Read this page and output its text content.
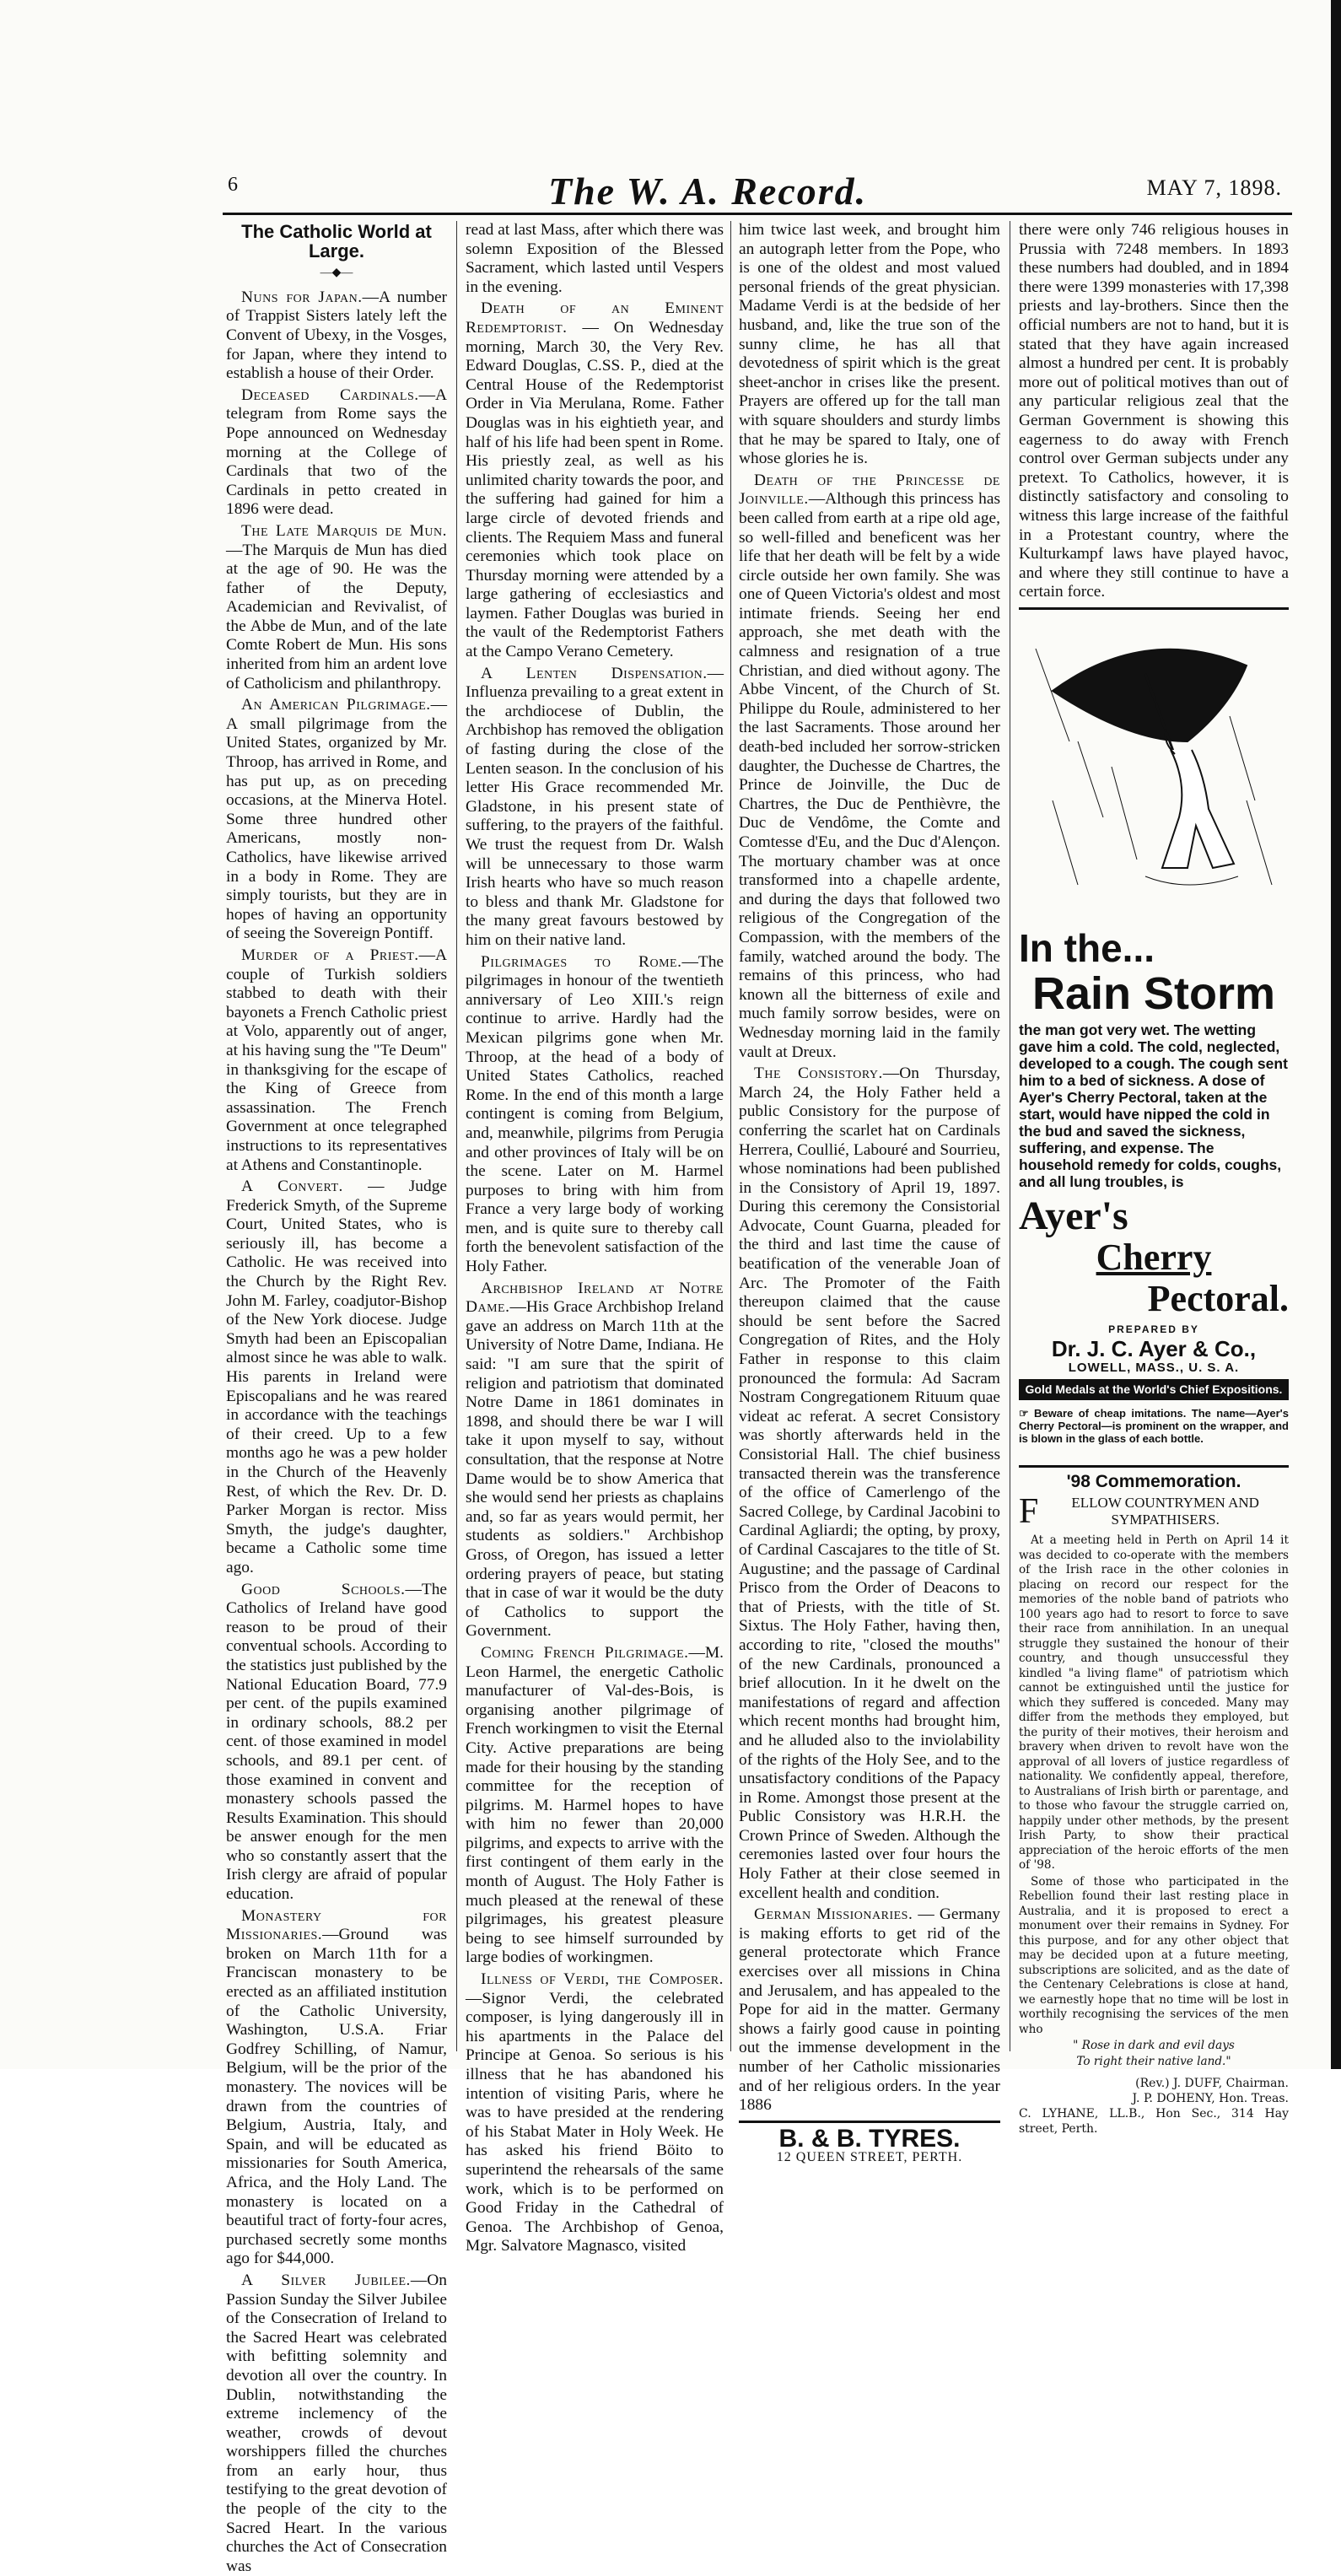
6	The W. A. Record.	MAY 7, 1898.
The Catholic World at Large.
—◆—

Nuns for Japan.—A number of Trappist Sisters lately left the Convent of Ubexy, in the Vosges, for Japan, where they intend to establish a house of their Order.

Deceased Cardinals.—A telegram from Rome says the Pope announced on Wednesday morning at the College of Cardinals that two of the Cardinals in petto created in 1896 were dead.

The Late Marquis de Mun.—The Marquis de Mun has died at the age of 90. He was the father of the Deputy, Academician and Revivalist, of the Abbe de Mun, and of the late Comte Robert de Mun. His sons inherited from him an ardent love of Catholicism and philanthropy.

An American Pilgrimage.—A small pilgrimage from the United States, organized by Mr. Throop, has arrived in Rome, and has put up, as on preceding occasions, at the Minerva Hotel. Some three hundred other Americans, mostly non-Catholics, have likewise arrived in a body in Rome. They are simply tourists, but they are in hopes of having an opportunity of seeing the Sovereign Pontiff.

Murder of a Priest.—A couple of Turkish soldiers stabbed to death with their bayonets a French Catholic priest at Volo, apparently out of anger, at his having sung the "Te Deum" in thanksgiving for the escape of the King of Greece from assassination. The French Government at once telegraphed instructions to its representatives at Athens and Constantinople.

A Convert. — Judge Frederick Smyth, of the Supreme Court, United States, who is seriously ill, has become a Catholic. He was received into the Church by the Right Rev. John M. Farley, coadjutor-Bishop of the New York diocese. Judge Smyth had been an Episcopalian almost since he was able to walk. His parents in Ireland were Episcopalians and he was reared in accordance with the teachings of their creed. Up to a few months ago he was a pew holder in the Church of the Heavenly Rest, of which the Rev. Dr. D. Parker Morgan is rector. Miss Smyth, the judge's daughter, became a Catholic some time ago.

Good Schools.—The Catholics of Ireland have good reason to be proud of their conventual schools. According to the statistics just published by the National Education Board, 77.9 per cent. of the pupils examined in ordinary schools, 88.2 per cent. of those examined in model schools, and 89.1 per cent. of those examined in convent and monastery schools passed the Results Examination. This should be answer enough for the men who so constantly assert that the Irish clergy are afraid of popular education.

Monastery for Missionaries.—Ground was broken on March 11th for a Franciscan monastery to be erected as an affiliated institution of the Catholic University, Washington, U.S.A. Friar Godfrey Schilling, of Namur, Belgium, will be the prior of the monastery. The novices will be drawn from the countries of Belgium, Austria, Italy, and Spain, and will be educated as missionaries for South America, Africa, and the Holy Land. The monastery is located on a beautiful tract of forty-four acres, purchased secretly some months ago for $44,000.

A Silver Jubilee.—On Passion Sunday the Silver Jubilee of the Consecration of Ireland to the Sacred Heart was celebrated with befitting solemnity and devotion all over the country. In Dublin, notwithstanding the extreme inclemency of the weather, crowds of devout worshippers filled the churches from an early hour, thus testifying to the great devotion of the people of the city to the Sacred Heart. In the various churches the Act of Consecration was

read at last Mass, after which there was solemn Exposition of the Blessed Sacrament, which lasted until Vespers in the evening.

Death of an Eminent Redemptorist. — On Wednesday morning, March 30, the Very Rev. Edward Douglas, C.SS. P., died at the Central House of the Redemptorist Order in Via Merulana, Rome. Father Douglas was in his eightieth year, and half of his life had been spent in Rome. His priestly zeal, as well as his unlimited charity towards the poor, and the suffering had gained for him a large circle of devoted friends and clients. The Requiem Mass and funeral ceremonies which took place on Thursday morning were attended by a large gathering of ecclesiastics and laymen. Father Douglas was buried in the vault of the Redemptorist Fathers at the Campo Verano Cemetery.

A Lenten Dispensation.—Influenza prevailing to a great extent in the archdiocese of Dublin, the Archbishop has removed the obligation of fasting during the close of the Lenten season. In the conclusion of his letter His Grace recommended Mr. Gladstone, in his present state of suffering, to the prayers of the faithful. We trust the request from Dr. Walsh will be unnecessary to those warm Irish hearts who have so much reason to bless and thank Mr. Gladstone for the many great favours bestowed by him on their native land.

Pilgrimages to Rome.—The pilgrimages in honour of the twentieth anniversary of Leo XIII.'s reign continue to arrive. Hardly had the Mexican pilgrims gone when Mr. Throop, at the head of a body of United States Catholics, reached Rome. In the end of this month a large contingent is coming from Belgium, and, meanwhile, pilgrims from Perugia and other provinces of Italy will be on the scene. Later on M. Harmel purposes to bring with him from France a very large body of working men, and is quite sure to thereby call forth the benevolent satisfaction of the Holy Father.

Archbishop Ireland at Notre Dame.—His Grace Archbishop Ireland gave an address on March 11th at the University of Notre Dame, Indiana. He said: "I am sure that the spirit of religion and patriotism that dominated Notre Dame in 1861 dominates in 1898, and should there be war I will take it upon myself to say, without consultation, that the response at Notre Dame would be to show America that she would send her priests as chaplains and, so far as years would permit, her students as soldiers." Archbishop Gross, of Oregon, has issued a letter ordering prayers of peace, but stating that in case of war it would be the duty of Catholics to support the Government.

Coming French Pilgrimage.—M. Leon Harmel, the energetic Catholic manufacturer of Val-des-Bois, is organising another pilgrimage of French workingmen to visit the Eternal City. Active preparations are being made for their housing by the standing committee for the reception of pilgrims. M. Harmel hopes to have with him no fewer than 20,000 pilgrims, and expects to arrive with the first contingent of them early in the month of August. The Holy Father is much pleased at the renewal of these pilgrimages, his greatest pleasure being to see himself surrounded by large bodies of workingmen.

Illness of Verdi, the Composer.—Signor Verdi, the celebrated composer, is lying dangerously ill in his apartments in the Palace del Principe at Genoa. So serious is his illness that he has abandoned his intention of visiting Paris, where he was to have presided at the rendering of his Stabat Mater in Holy Week. He has asked his friend Böito to superintend the rehearsals of the same work, which is to be performed on Good Friday in the Cathedral of Genoa. The Archbishop of Genoa, Mgr. Salvatore Magnasco, visited

him twice last week, and brought him an autograph letter from the Pope, who is one of the oldest and most valued personal friends of the great physician. Madame Verdi is at the bedside of her husband, and, like the true son of the sunny clime, he has all that devotedness of spirit which is the great sheet-anchor in crises like the present. Prayers are offered up for the tall man with square shoulders and sturdy limbs that he may be spared to Italy, one of whose glories he is.

Death of the Princesse de Joinville.—Although this princess has been called from earth at a ripe old age, so well-filled and beneficent was her life that her death will be felt by a wide circle outside her own family. She was one of Queen Victoria's oldest and most intimate friends. Seeing her end approach, she met death with the calmness and resignation of a true Christian, and died without agony. The Abbe Vincent, of the Church of St. Philippe du Roule, administered to her the last Sacraments. Those around her death-bed included her sorrow-stricken daughter, the Duchesse de Chartres, the Prince de Joinville, the Duc de Chartres, the Duc de Penthièvre, the Duc de Vendôme, the Comte and Comtesse d'Eu, and the Duc d'Alençon. The mortuary chamber was at once transformed into a chapelle ardente, and during the days that followed two religious of the Congregation of the Compassion, with the members of the family, watched around the body. The remains of this princess, who had known all the bitterness of exile and much family sorrow besides, were on Wednesday morning laid in the family vault at Dreux.

The Consistory.—On Thursday, March 24, the Holy Father held a public Consistory for the purpose of conferring the scarlet hat on Cardinals Herrera, Coullié, Labouré and Sourrieu, whose nominations had been published in the Consistory of April 19, 1897. During this ceremony the Consistorial Advocate, Count Guarna, pleaded for the third and last time the cause of beatification of the venerable Joan of Arc. The Promoter of the Faith thereupon claimed that the cause should be sent before the Sacred Congregation of Rites, and the Holy Father in response to this claim pronounced the formula: Ad Sacram Nostram Congregationem Rituum quae videat ac referat. A secret Consistory was shortly afterwards held in the Consistorial Hall. The chief business transacted therein was the transference of the office of Camerlengo of the Sacred College, by Cardinal Jacobini to Cardinal Agliardi; the opting, by proxy, of Cardinal Cascajares to the title of St. Augustine; and the passage of Cardinal Prisco from the Order of Deacons to that of Priests, with the title of St. Sixtus. The Holy Father, having then, according to rite, "closed the mouths" of the new Cardinals, pronounced a brief allocution. In it he dwelt on the manifestations of regard and affection which recent months had brought him, and he alluded also to the inviolability of the rights of the Holy See, and to the unsatisfactory conditions of the Papacy in Rome. Amongst those present at the Public Consistory was H.R.H. the Crown Prince of Sweden. Although the ceremonies lasted over four hours the Holy Father at their close seemed in excellent health and condition.

German Missionaries. — Germany is making efforts to get rid of the general protectorate which France exercises over all missions in China and Jerusalem, and has appealed to the Pope for aid in the matter. Germany shows a fairly good cause in pointing out the immense development in the number of her Catholic missionaries and of her religious orders. In the year 1886

B. & B. TYRES.
12 QUEEN STREET, PERTH.

there were only 746 religious houses in Prussia with 7248 members. In 1893 these numbers had doubled, and in 1894 there were 1399 monasteries with 17,398 priests and lay-brothers. Since then the official numbers are not to hand, but it is stated that they have again increased almost a hundred per cent. It is probably more out of political motives than out of any particular religious zeal that the German Government is showing this eagerness to do away with French control over German subjects under any pretext. To Catholics, however, it is distinctly satisfactory and consoling to witness this large increase of the faithful in a Protestant country, where the Kulturkampf laws have played havoc, and where they still continue to have a certain force.

In the...
Rain Storm
the man got very wet. The wetting gave him a cold. The cold, neglected, developed to a cough. The cough sent him to a bed of sickness. A dose of Ayer's Cherry Pectoral, taken at the start, would have nipped the cold in the bud and saved the sickness, suffering, and expense. The household remedy for colds, coughs, and all lung troubles, is
Ayer's
Cherry
Pectoral.
PREPARED BY
Dr. J. C. Ayer & Co.,
LOWELL, MASS., U. S. A.
Gold Medals at the World's Chief Expositions.
☞ Beware of cheap imitations. The name—Ayer's Cherry Pectoral—is prominent on the wrapper, and is blown in the glass of each bottle.
'98 Commemoration.
F ELLOW COUNTRYMEN AND SYMPATHISERS.

At a meeting held in Perth on April 14 it was decided to co-operate with the members of the Irish race in the other colonies in placing on record our respect for the memories of the noble band of patriots who 100 years ago had to resort to force to save their race from annihilation. In an unequal struggle they sustained the honour of their country, and though unsuccessful they kindled "a living flame" of patriotism which cannot be extinguished until the justice for which they suffered is conceded. Many may differ from the methods they employed, but the purity of their motives, their heroism and bravery when driven to revolt have won the approval of all lovers of justice regardless of nationality. We confidently appeal, therefore, to Australians of Irish birth or parentage, and to those who favour the struggle carried on, happily under other methods, by the present Irish Party, to show their practical appreciation of the heroic efforts of the men of '98.

Some of those who participated in the Rebellion found their last resting place in Australia, and it is proposed to erect a monument over their remains in Sydney. For this purpose, and for any other object that may be decided upon at a future meeting, subscriptions are solicited, and as the date of the Centenary Celebrations is close at hand, we earnestly hope that no time will be lost in worthily recognising the services of the men who

" Rose in dark and evil days
To right their native land."
(Rev.) J. DUFF, Chairman.
J. P. DOHENY, Hon. Treas.
C. LYHANE, LL.B., Hon Sec., 314 Hay street, Perth.
